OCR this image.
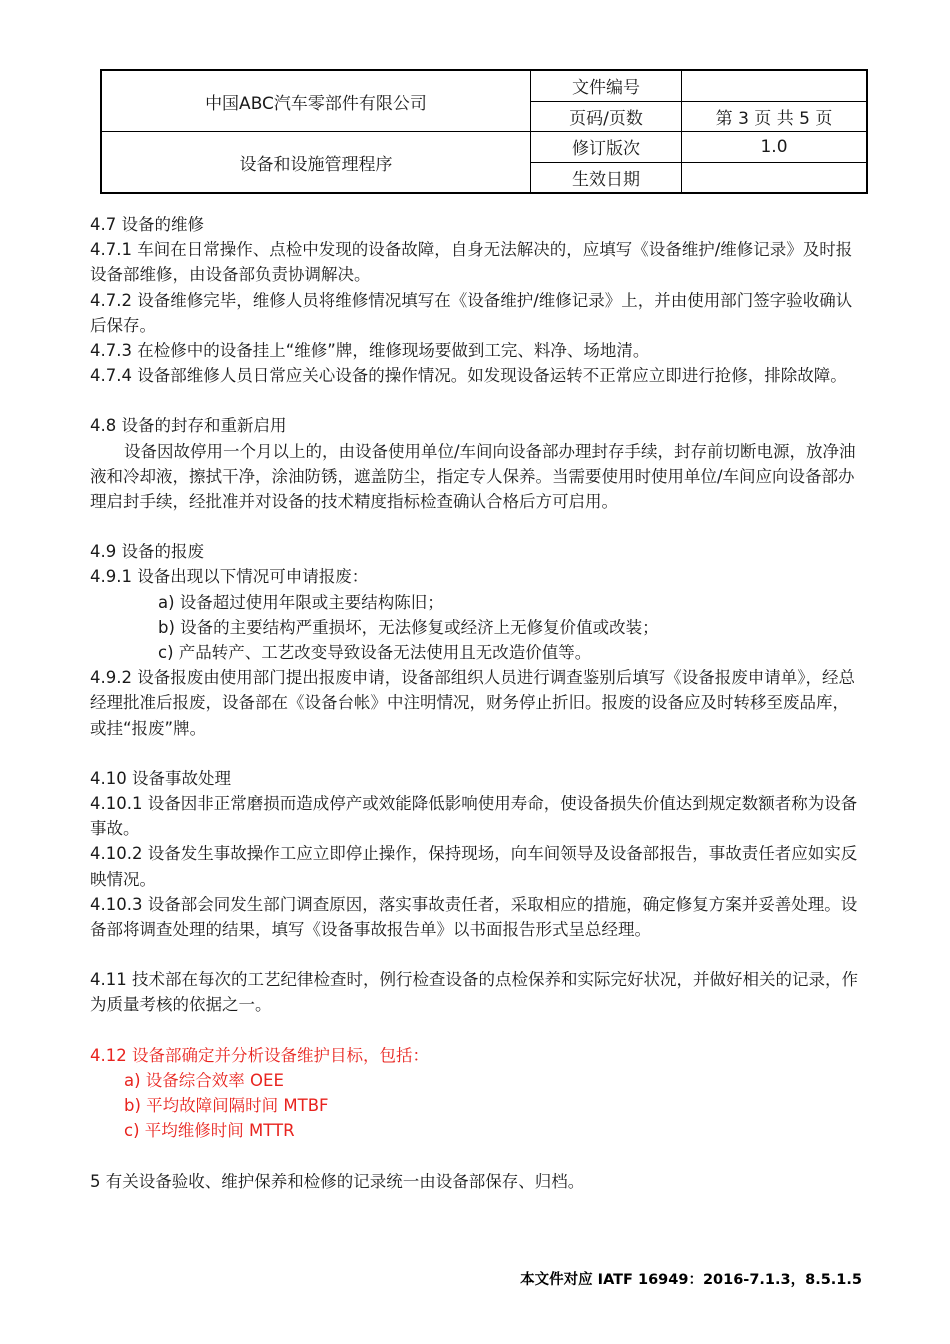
中国ABC汽车零部件有限公司	文件编号	
	页码/页数	第 3 页 共 5 页
设备和设施管理程序	修订版次	1.0
	生效日期	

4.7 设备的维修

4.7.1 车间在日常操作、点检中发现的设备故障，自身无法解决的，应填写《设备维护/维修记录》及时报设备部维修，由设备部负责协调解决。

4.7.2 设备维修完毕，维修人员将维修情况填写在《设备维护/维修记录》上，并由使用部门签字验收确认后保存。

4.7.3 在检修中的设备挂上“维修”牌，维修现场要做到工完、料净、场地清。

4.7.4 设备部维修人员日常应关心设备的操作情况。如发现设备运转不正常应立即进行抢修，排除故障。

4.8 设备的封存和重新启用

设备因故停用一个月以上的，由设备使用单位/车间向设备部办理封存手续，封存前切断电源，放净油液和冷却液，擦拭干净，涂油防锈，遮盖防尘，指定专人保养。当需要使用时使用单位/车间应向设备部办理启封手续，经批准并对设备的技术精度指标检查确认合格后方可启用。

4.9 设备的报废

4.9.1 设备出现以下情况可申请报废：

a) 设备超过使用年限或主要结构陈旧；

b) 设备的主要结构严重损坏，无法修复或经济上无修复价值或改装；

c) 产品转产、工艺改变导致设备无法使用且无改造价值等。

4.9.2 设备报废由使用部门提出报废申请，设备部组织人员进行调查鉴别后填写《设备报废申请单》，经总经理批准后报废，设备部在《设备台帐》中注明情况，财务停止折旧。报废的设备应及时转移至废品库，或挂“报废”牌。

4.10 设备事故处理

4.10.1 设备因非正常磨损而造成停产或效能降低影响使用寿命，使设备损失价值达到规定数额者称为设备事故。

4.10.2 设备发生事故操作工应立即停止操作，保持现场，向车间领导及设备部报告，事故责任者应如实反映情况。

4.10.3 设备部会同发生部门调查原因，落实事故责任者，采取相应的措施，确定修复方案并妥善处理。设备部将调查处理的结果，填写《设备事故报告单》以书面报告形式呈总经理。

4.11 技术部在每次的工艺纪律检查时，例行检查设备的点检保养和实际完好状况，并做好相关的记录，作为质量考核的依据之一。

4.12 设备部确定并分析设备维护目标，包括：

a) 设备综合效率 OEE

b) 平均故障间隔时间 MTBF

c) 平均维修时间 MTTR

5 有关设备验收、维护保养和检修的记录统一由设备部保存、归档。

本文件对应 IATF 16949：2016-7.1.3，8.5.1.5
